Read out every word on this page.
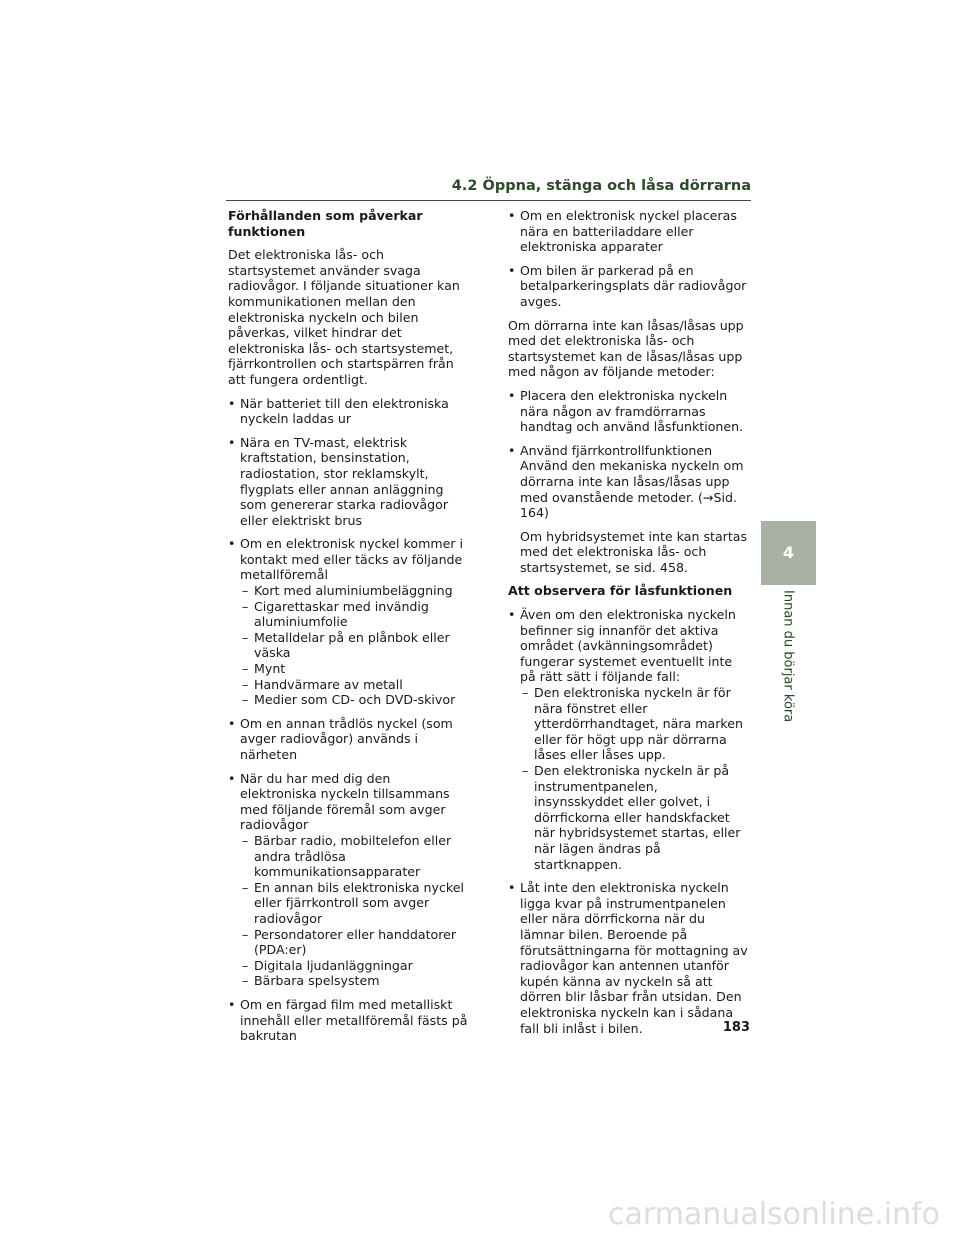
4.2 Öppna, stänga och låsa dörrarna
Förhållanden som påverkar funktionen

Det elektroniska lås- och startsystemet använder svaga radiovågor. I följande situationer kan kommunikationen mellan den elektroniska nyckeln och bilen påverkas, vilket hindrar det elektroniska lås- och startsystemet, fjärrkontrollen och startspärren från att fungera ordentligt.

• När batteriet till den elektroniska nyckeln laddas ur
• Nära en TV-mast, elektrisk kraftstation, bensinstation, radiostation, stor reklamskylt, flygplats eller annan anläggning som genererar starka radiovågor eller elektriskt brus
• Om en elektronisk nyckel kommer i kontakt med eller täcks av följande metallföremål
– Kort med aluminiumbeläggning
– Cigarettaskar med invändig aluminiumfolie
– Metalldelar på en plånbok eller väska
– Mynt
– Handvärmare av metall
– Medier som CD- och DVD-skivor
• Om en annan trådlös nyckel (som avger radiovågor) används i närheten
• När du har med dig den elektroniska nyckeln tillsammans med följande föremål som avger radiovågor
– Bärbar radio, mobiltelefon eller andra trådlösa kommunikationsapparater
– En annan bils elektroniska nyckel eller fjärrkontroll som avger radiovågor
– Persondatorer eller handdatorer (PDA:er)
– Digitala ljudanläggningar
– Bärbara spelsystem
• Om en färgad film med metalliskt innehåll eller metallföremål fästs på bakrutan
• Om en elektronisk nyckel placeras nära en batteriladdare eller elektroniska apparater
• Om bilen är parkerad på en betalparkeringsplats där radiovågor avges.

Om dörrarna inte kan låsas/låsas upp med det elektroniska lås- och startsystemet kan de låsas/låsas upp med någon av följande metoder:

• Placera den elektroniska nyckeln nära någon av framdörrarnas handtag och använd låsfunktionen.
• Använd fjärrkontrollfunktionen Använd den mekaniska nyckeln om dörrarna inte kan låsas/låsas upp med ovanstående metoder. (→Sid. 164)
Om hybridsystemet inte kan startas med det elektroniska lås- och startsystemet, se sid. 458.
Att observera för låsfunktionen
• Även om den elektroniska nyckeln befinner sig innanför det aktiva området (avkänningsområdet) fungerar systemet eventuellt inte på rätt sätt i följande fall:
– Den elektroniska nyckeln är för nära fönstret eller ytterdörrhandtaget, nära marken eller för högt upp när dörrarna låses eller låses upp.
– Den elektroniska nyckeln är på instrumentpanelen, insynsskyddet eller golvet, i dörrfickorna eller handskfacket när hybridsystemet startas, eller när lägen ändras på startknappen.
• Låt inte den elektroniska nyckeln ligga kvar på instrumentpanelen eller nära dörrfickorna när du lämnar bilen. Beroende på förutsättningarna för mottagning av radiovågor kan antennen utanför kupén känna av nyckeln så att dörren blir låsbar från utsidan. Den elektroniska nyckeln kan i sådana fall bli inlåst i bilen.
4
Innan du börjar köra
183
carmanualsonline.info
